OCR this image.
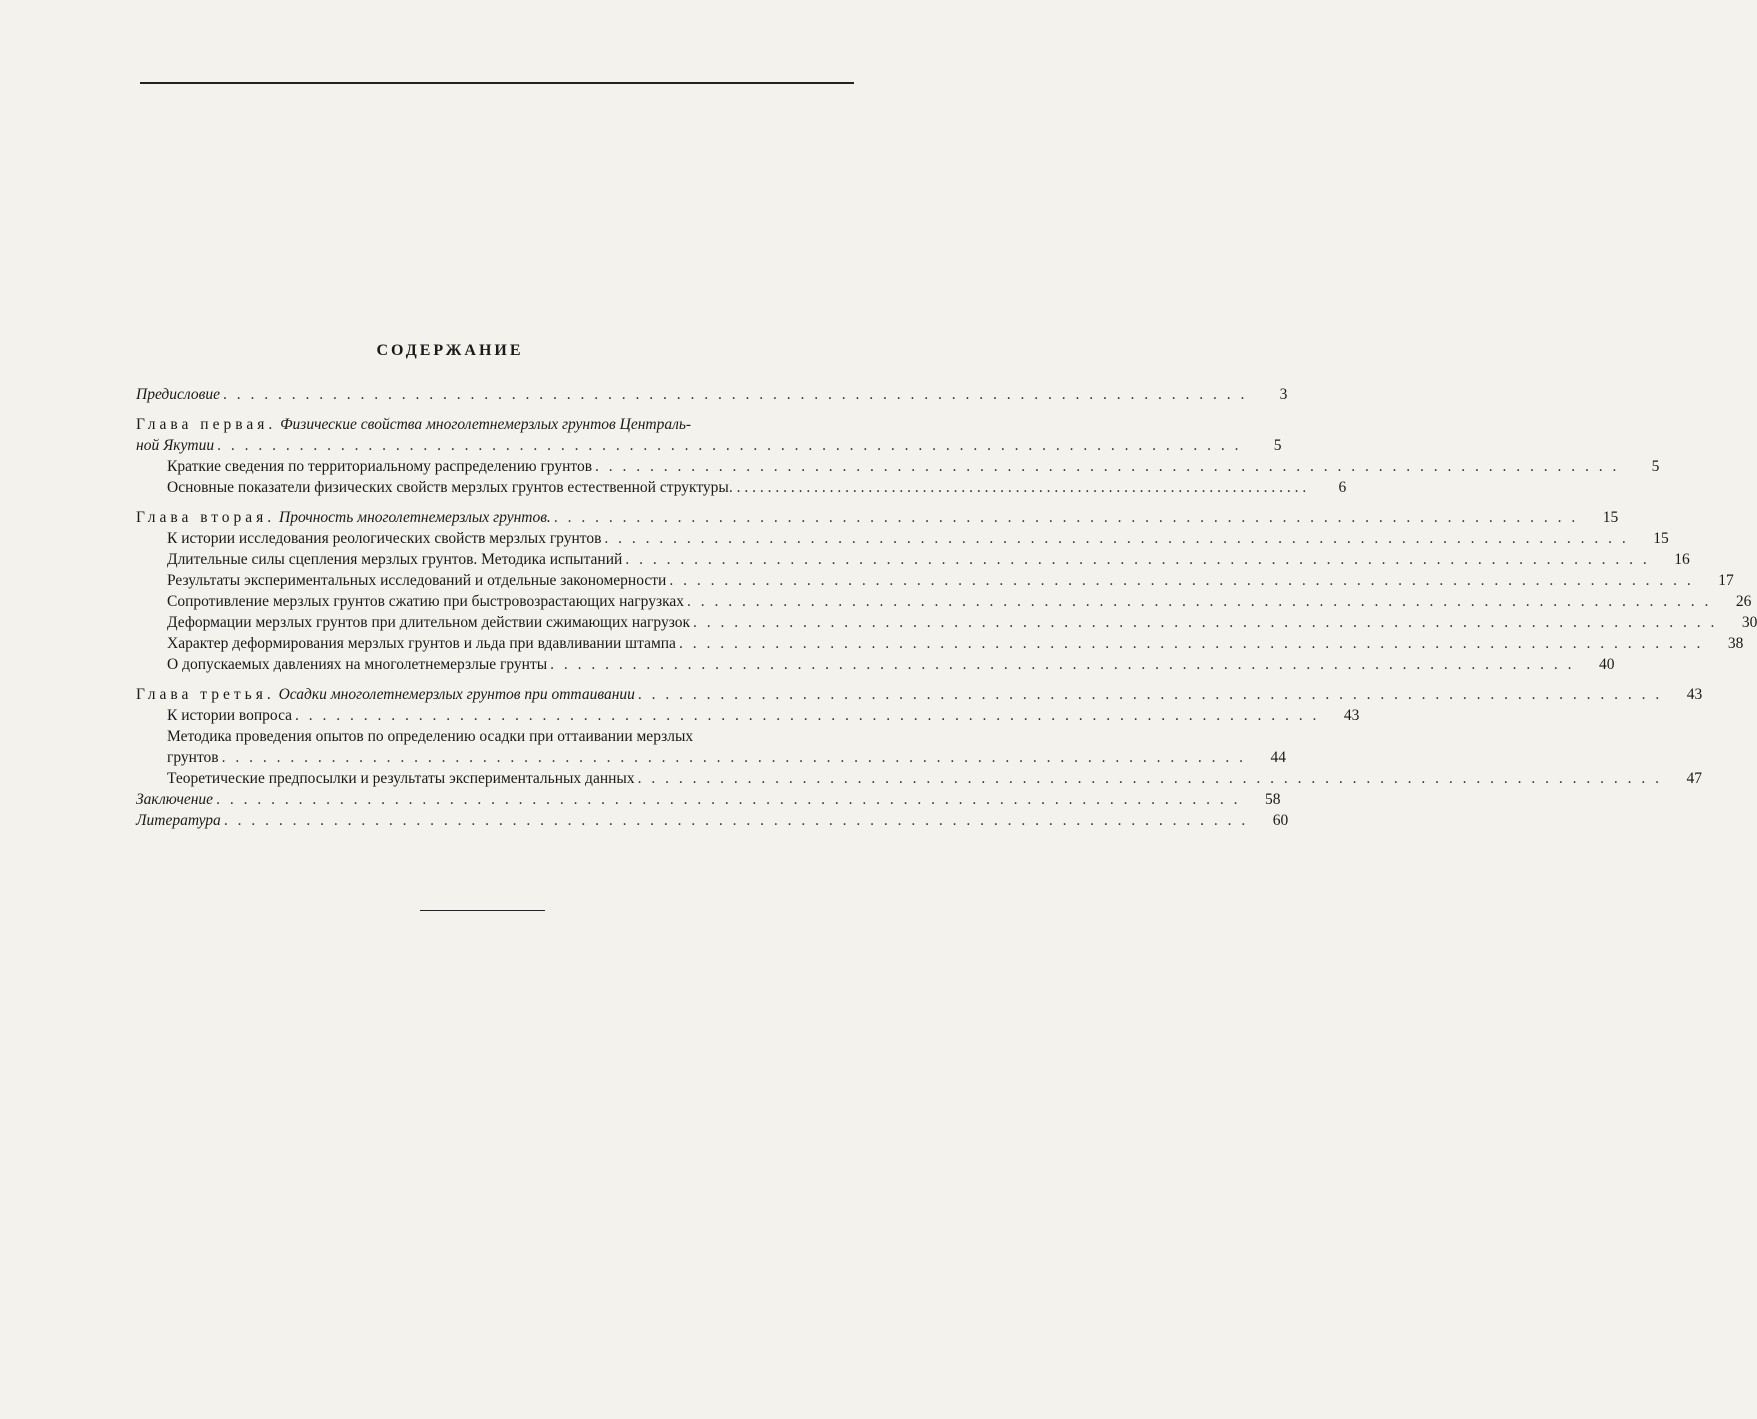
СОДЕРЖАНИЕ
Предисловие . . .	3
Глава первая. Физические свойства многолетнемерзлых грунтов Централь-
ной Якутии . . .	5
Краткие сведения по территориальному распределению грунтов . . .	5
Основные показатели физических свойств мерзлых грунтов естественной структуры . . .	6
Глава вторая. Прочность многолетнемерзлых грунтов. . . .	15
К истории исследования реологических свойств мерзлых грунтов . . .	15
Длительные силы сцепления мерзлых грунтов. Методика испытаний . . .	16
Результаты экспериментальных исследований и отдельные закономерности . . .	17
Сопротивление мерзлых грунтов сжатию при быстровозрастающих нагрузках . . .	26
Деформации мерзлых грунтов при длительном действии сжимающих нагрузок . . .	30
Характер деформирования мерзлых грунтов и льда при вдавливании штампа . . .	38
О допускаемых давлениях на многолетнемерзлые грунты . . .	40
Глава третья. Осадки многолетнемерзлых грунтов при оттаивании . . .	43
К истории вопроса . . .	43
Методика проведения опытов по определению осадки при оттаивании мерзлых
грунтов . . .	44
Теоретические предпосылки и результаты экспериментальных данных . . .	47
Заключение . . .	58
Литература . . .	60
